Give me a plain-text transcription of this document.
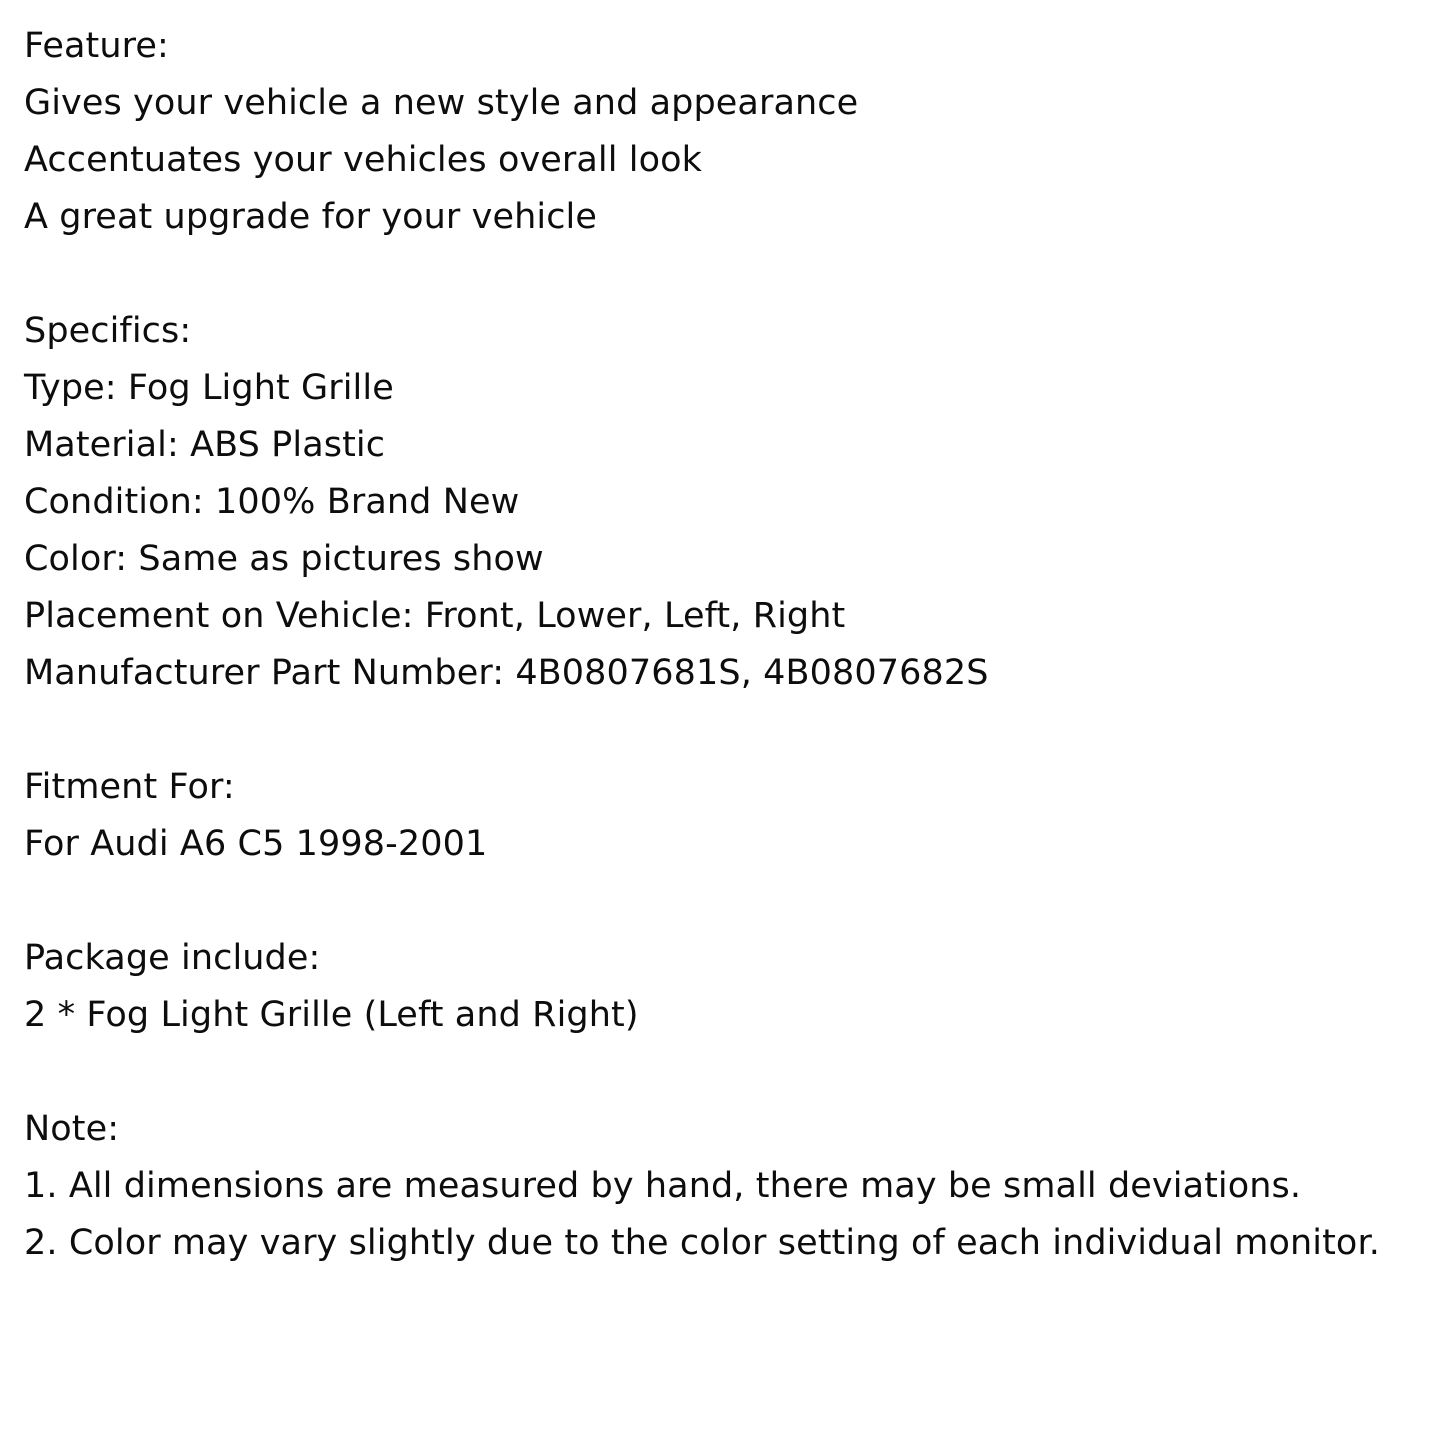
Feature:
Gives your vehicle a new style and appearance
Accentuates your vehicles overall look
A great upgrade for your vehicle
Specifics:
Type: Fog Light Grille
Material: ABS Plastic
Condition: 100% Brand New
Color: Same as pictures show
Placement on Vehicle: Front, Lower, Left, Right
Manufacturer Part Number: 4B0807681S, 4B0807682S
Fitment For:
For Audi A6 C5 1998-2001
Package include:
2 * Fog Light Grille (Left and Right)
Note:
1. All dimensions are measured by hand, there may be small deviations.
2. Color may vary slightly due to the color setting of each individual monitor.
